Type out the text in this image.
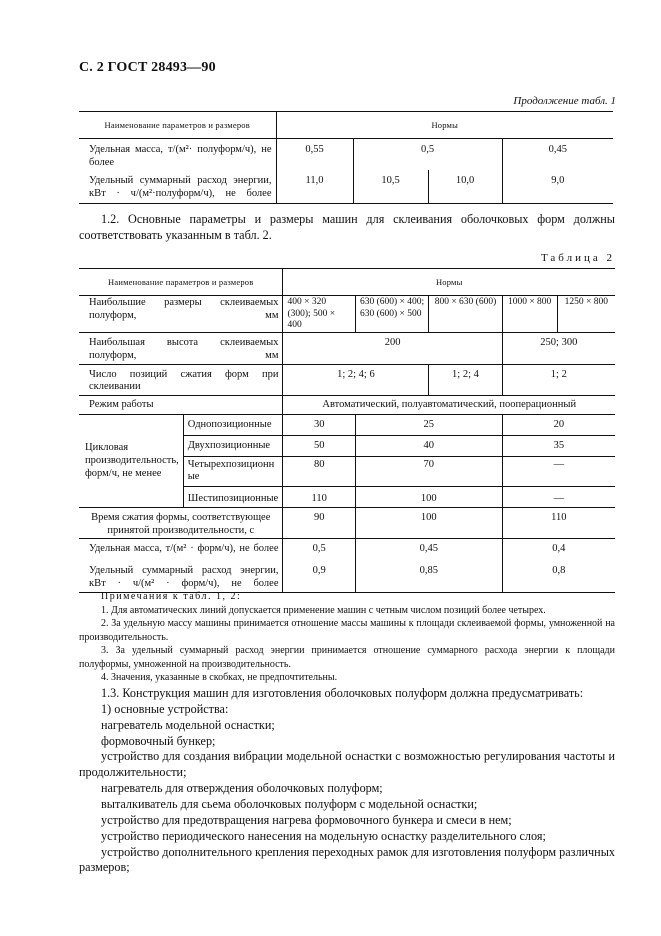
С. 2 ГОСТ 28493—90
Продолжение табл. 1
Наименование параметров и размеров	Нормы			
Удельная масса, т/(м²· полуформ/ч), не более	0,55	0,5		0,45
Удельный суммарный расход энергии, кВт · ч/(м²·полуформ/ч), не более	11,0	10,5	10,0	9,0

1.2. Основные параметры и размеры машин для склеивания оболочковых форм должны соответствовать указанным в табл. 2.

Таблица 2
Наименование параметров и размеров		Нормы				
Наибольшие размеры склеиваемых полуформ, мм		400 × 320 (300); 500 × 400	630 (600) × 400; 630 (600) × 500	800 × 630 (600)	1000 × 800	1250 × 800
Наибольшая высота склеиваемых полуформ, мм		200			250; 300	
Число позиций сжатия форм при склеивании		1; 2; 4; 6		1; 2; 4	1; 2	
Режим работы		Автоматический, полуавтоматический, пооперационный				
Цикловая производительность, форм/ч, не менее	Однопозиционные	30	25		20	
	Двухпозиционные	50	40		35	
	Четырехпозиционные	80	70		—	
	Шестипозиционные	110	100		—	
Время сжатия формы, соответствующее принятой производительности, с		90	100		110	
Удельная масса, т/(м² · форм/ч), не более		0,5	0,45		0,4	
Удельный суммарный расход энергии, кВт · ч/(м² · форм/ч), не более		0,9	0,85		0,8	

Примечания к табл. 1, 2:

1. Для автоматических линий допускается применение машин с четным числом позиций более четырех.

2. За удельную массу машины принимается отношение массы машины к площади склеиваемой формы, умноженной на производительность.

3. За удельный суммарный расход энергии принимается отношение суммарного расхода энергии к площади полуформы, умноженной на производительность.

4. Значения, указанные в скобках, не предпочтительны.

1.3. Конструкция машин для изготовления оболочковых полуформ должна предусматривать:

1) основные устройства:

нагреватель модельной оснастки;

формовочный бункер;

устройство для создания вибрации модельной оснастки с возможностью регулирования частоты и продолжительности;

нагреватель для отверждения оболочковых полуформ;

выталкиватель для сьема оболочковых полуформ с модельной оснастки;

устройство для предотвращения нагрева формовочного бункера и смеси в нем;

устройство периодического нанесения на модельную оснастку разделительного слоя;

устройство дополнительного крепления переходных рамок для изготовления полуформ различных размеров;
